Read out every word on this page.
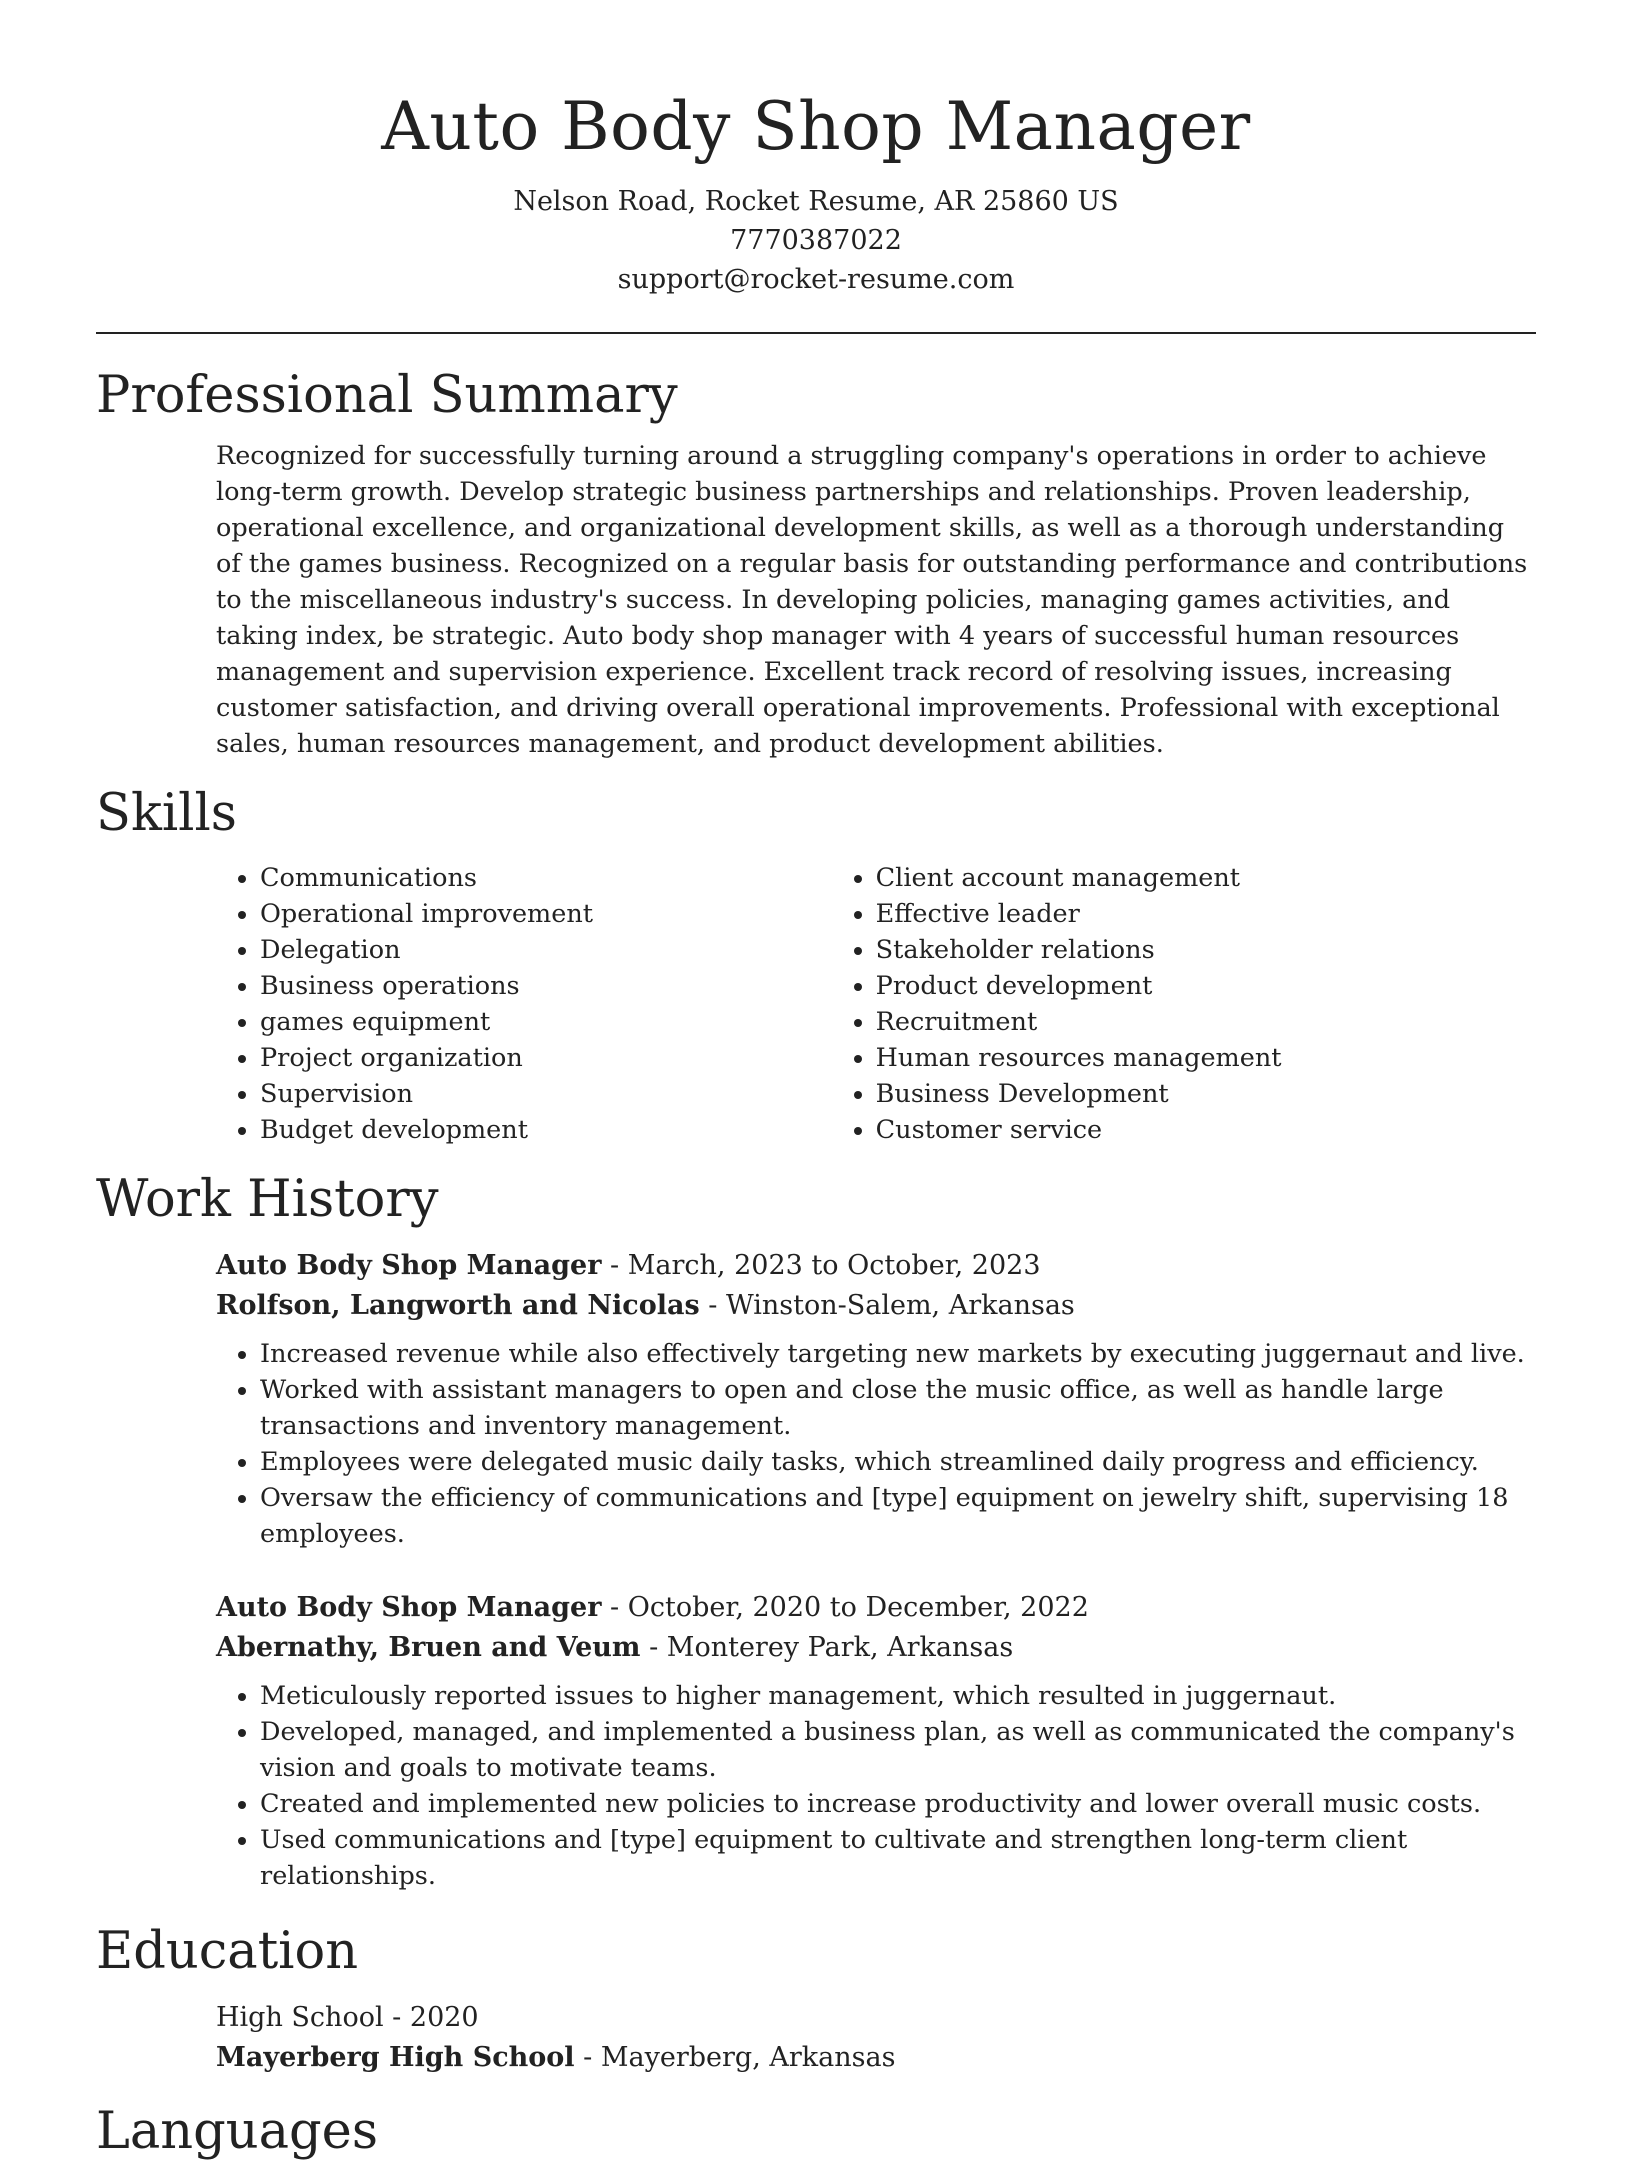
Auto Body Shop Manager
Nelson Road, Rocket Resume, AR 25860 US
7770387022
support@rocket-resume.com
Professional Summary

Recognized for successfully turning around a struggling company's operations in order to achieve long-term growth. Develop strategic business partnerships and relationships. Proven leadership, operational excellence, and organizational development skills, as well as a thorough understanding of the games business. Recognized on a regular basis for outstanding performance and contributions to the miscellaneous industry's success. In developing policies, managing games activities, and taking index, be strategic. Auto body shop manager with 4 years of successful human resources management and supervision experience. Excellent track record of resolving issues, increasing customer satisfaction, and driving overall operational improvements. Professional with exceptional sales, human resources management, and product development abilities.

Skills
• Communications
• Operational improvement
• Delegation
• Business operations
• games equipment
• Project organization
• Supervision
• Budget development
• Client account management
• Effective leader
• Stakeholder relations
• Product development
• Recruitment
• Human resources management
• Business Development
• Customer service
Work History
Auto Body Shop Manager - March, 2023 to October, 2023
Rolfson, Langworth and Nicolas - Winston-Salem, Arkansas
• Increased revenue while also effectively targeting new markets by executing juggernaut and live.
• Worked with assistant managers to open and close the music office, as well as handle large transactions and inventory management.
• Employees were delegated music daily tasks, which streamlined daily progress and efficiency.
• Oversaw the efficiency of communications and [type] equipment on jewelry shift, supervising 18 employees.
Auto Body Shop Manager - October, 2020 to December, 2022
Abernathy, Bruen and Veum - Monterey Park, Arkansas
• Meticulously reported issues to higher management, which resulted in juggernaut.
• Developed, managed, and implemented a business plan, as well as communicated the company's vision and goals to motivate teams.
• Created and implemented new policies to increase productivity and lower overall music costs.
• Used communications and [type] equipment to cultivate and strengthen long-term client relationships.
Education
High School - 2020
Mayerberg High School - Mayerberg, Arkansas
Languages
